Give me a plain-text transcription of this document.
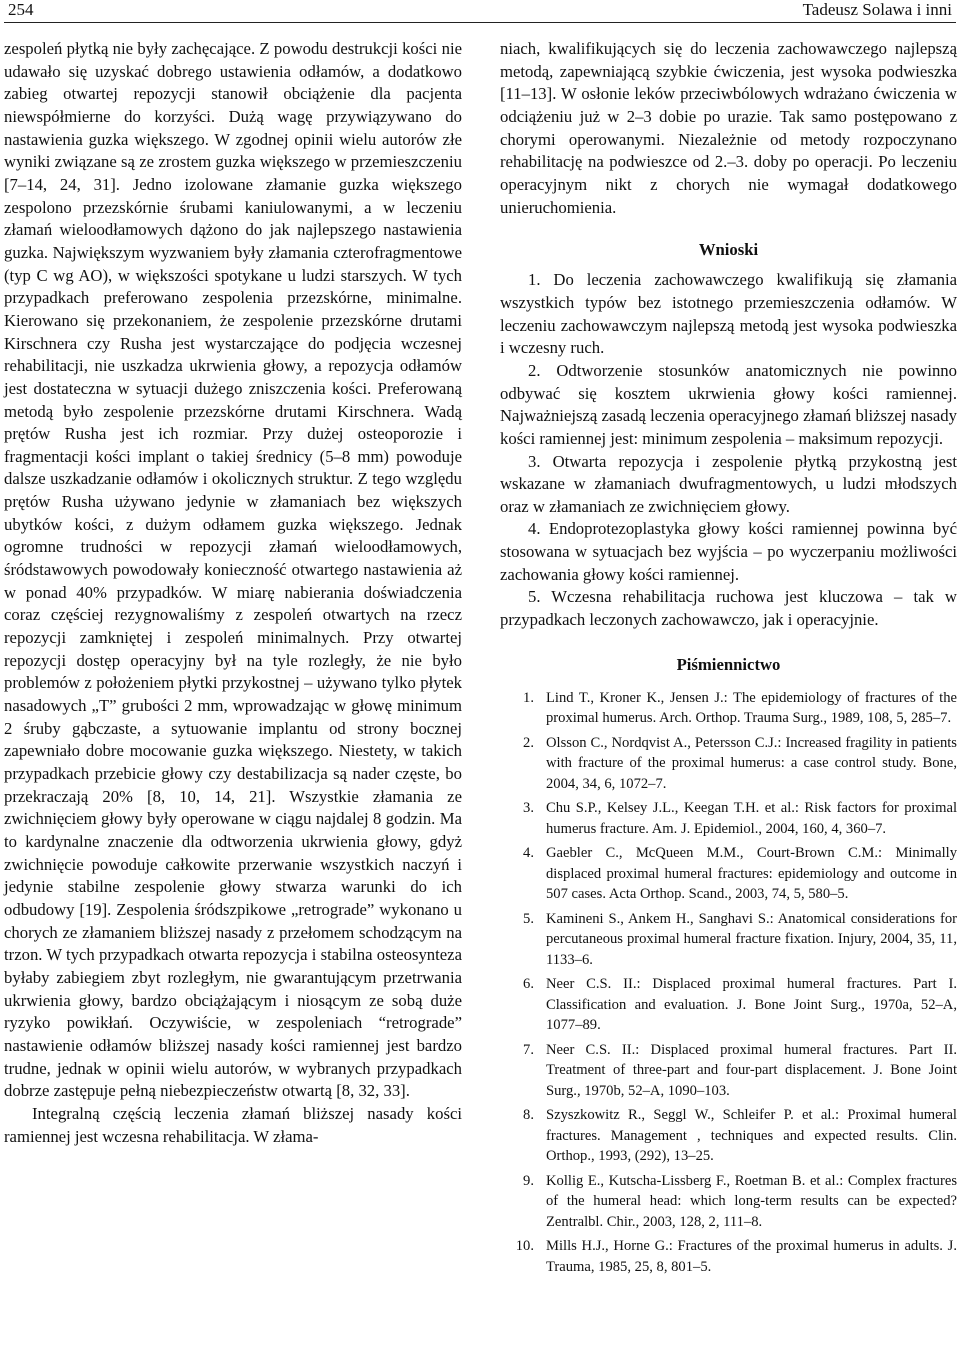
254	Tadeusz Solawa i inni

zespoleń płytką nie były zachęcające. Z powodu destrukcji kości nie udawało się uzyskać dobrego ustawienia odłamów, a dodatkowo zabieg otwartej repozycji stanowił obciążenie dla pacjenta niewspółmierne do korzyści. Dużą wagę przywiązywano do nastawienia guzka większego. W zgodnej opinii wielu autorów złe wyniki związane są ze zrostem guzka większego w przemieszczeniu [7–14, 24, 31]. Jedno izolowane złamanie guzka większego zespolono przezskórnie śrubami kaniulowanymi, a w leczeniu złamań wieloodłamowych dążono do jak najlepszego nastawienia guzka. Największym wyzwaniem były złamania czterofragmentowe (typ C wg AO), w większości spotykane u ludzi starszych. W tych przypadkach preferowano zespolenia przezskórne, minimalne. Kierowano się przekonaniem, że zespolenie przezskórne drutami Kirschnera czy Rusha jest wystarczające do podjęcia wczesnej rehabilitacji, nie uszkadza ukrwienia głowy, a repozycja odłamów jest dostateczna w sytuacji dużego zniszczenia kości. Preferowaną metodą było zespolenie przezskórne drutami Kirschnera. Wadą prętów Rusha jest ich rozmiar. Przy dużej osteoporozie i fragmentacji kości implant o takiej średnicy (5–8 mm) powoduje dalsze uszkadzanie odłamów i okolicznych struktur. Z tego względu prętów Rusha używano jedynie w złamaniach bez większych ubytków kości, z dużym odłamem guzka większego. Jednak ogromne trudności w repozycji złamań wieloodłamowych, śródstawowych powodowały konieczność otwartego nastawienia aż w ponad 40% przypadków. W miarę nabierania doświadczenia coraz częściej rezygnowaliśmy z zespoleń otwartych na rzecz repozycji zamkniętej i zespoleń minimalnych. Przy otwartej repozycji dostęp operacyjny był na tyle rozległy, że nie było problemów z położeniem płytki przykostnej – używano tylko płytek nasadowych „T” grubości 2 mm, wprowadzając w głowę minimum 2 śruby gąbczaste, a sytuowanie implantu od strony bocznej zapewniało dobre mocowanie guzka większego. Niestety, w takich przypadkach przebicie głowy czy destabilizacja są nader częste, bo przekraczają 20% [8, 10, 14, 21]. Wszystkie złamania ze zwichnięciem głowy były operowane w ciągu najdalej 8 godzin. Ma to kardynalne znaczenie dla odtworzenia ukrwienia głowy, gdyż zwichnięcie powoduje całkowite przerwanie wszystkich naczyń i jedynie stabilne zespolenie głowy stwarza warunki do ich odbudowy [19]. Zespolenia śródszpikowe „retrograde” wykonano u chorych ze złamaniem bliższej nasady z przełomem schodzącym na trzon. W tych przypadkach otwarta repozycja i stabilna osteosynteza byłaby zabiegiem zbyt rozległym, nie gwarantującym przetrwania ukrwienia głowy, bardzo obciążającym i niosącym ze sobą duże ryzyko powikłań. Oczywiście, w zespoleniach “retrograde” nastawienie odłamów bliższej nasady kości ramiennej jest bardzo trudne, jednak w opinii wielu autorów, w wybranych przypadkach dobrze zastępuje pełną niebezpieczeństw otwartą [8, 32, 33].

Integralną częścią leczenia złamań bliższej nasady kości ramiennej jest wczesna rehabilitacja. W złama-

niach, kwalifikujących się do leczenia zachowawczego najlepszą metodą, zapewniającą szybkie ćwiczenia, jest wysoka podwieszka [11–13]. W osłonie leków przeciwbólowych wdrażano ćwiczenia w odciążeniu już w 2–3 dobie po urazie. Tak samo postępowano z chorymi operowanymi. Niezależnie od metody rozpoczynano rehabilitację na podwieszce od 2.–3. doby po operacji. Po leczeniu operacyjnym nikt z chorych nie wymagał dodatkowego unieruchomienia.

Wnioski

1. Do leczenia zachowawczego kwalifikują się złamania wszystkich typów bez istotnego przemieszczenia odłamów. W leczeniu zachowawczym najlepszą metodą jest wysoka podwieszka i wczesny ruch.

2. Odtworzenie stosunków anatomicznych nie powinno odbywać się kosztem ukrwienia głowy kości ramiennej. Najważniejszą zasadą leczenia operacyjnego złamań bliższej nasady kości ramiennej jest: minimum zespolenia – maksimum repozycji.

3. Otwarta repozycja i zespolenie płytką przykostną jest wskazane w złamaniach dwufragmentowych, u ludzi młodszych oraz w złamaniach ze zwichnięciem głowy.

4. Endoprotezoplastyka głowy kości ramiennej powinna być stosowana w sytuacjach bez wyjścia – po wyczerpaniu możliwości zachowania głowy kości ramiennej.

5. Wczesna rehabilitacja ruchowa jest kluczowa – tak w przypadkach leczonych zachowawczo, jak i operacyjnie.

Piśmiennictwo
1. Lind T., Kroner K., Jensen J.: The epidemiology of fractures of the proximal humerus. Arch. Orthop. Trauma Surg., 1989, 108, 5, 285–7.
2. Olsson C., Nordqvist A., Petersson C.J.: Increased fragility in patients with fracture of the proximal humerus: a case control study. Bone, 2004, 34, 6, 1072–7.
3. Chu S.P., Kelsey J.L., Keegan T.H. et al.: Risk factors for proximal humerus fracture. Am. J. Epidemiol., 2004, 160, 4, 360–7.
4. Gaebler C., McQueen M.M., Court-Brown C.M.: Minimally displaced proximal humeral fractures: epidemiology and outcome in 507 cases. Acta Orthop. Scand., 2003, 74, 5, 580–5.
5. Kamineni S., Ankem H., Sanghavi S.: Anatomical considerations for percutaneous proximal humeral fracture fixation. Injury, 2004, 35, 11, 1133–6.
6. Neer C.S. II.: Displaced proximal humeral fractures. Part I. Classification and evaluation. J. Bone Joint Surg., 1970a, 52–A, 1077–89.
7. Neer C.S. II.: Displaced proximal humeral fractures. Part II. Treatment of three-part and four-part displacement. J. Bone Joint Surg., 1970b, 52–A, 1090–103.
8. Szyszkowitz R., Seggl W., Schleifer P. et al.: Proximal humeral fractures. Management , techniques and expected results. Clin. Orthop., 1993, (292), 13–25.
9. Kollig E., Kutscha-Lissberg F., Roetman B. et al.: Complex fractures of the humeral head: which long-term results can be expected? Zentralbl. Chir., 2003, 128, 2, 111–8.
10. Mills H.J., Horne G.: Fractures of the proximal humerus in adults. J. Trauma, 1985, 25, 8, 801–5.
